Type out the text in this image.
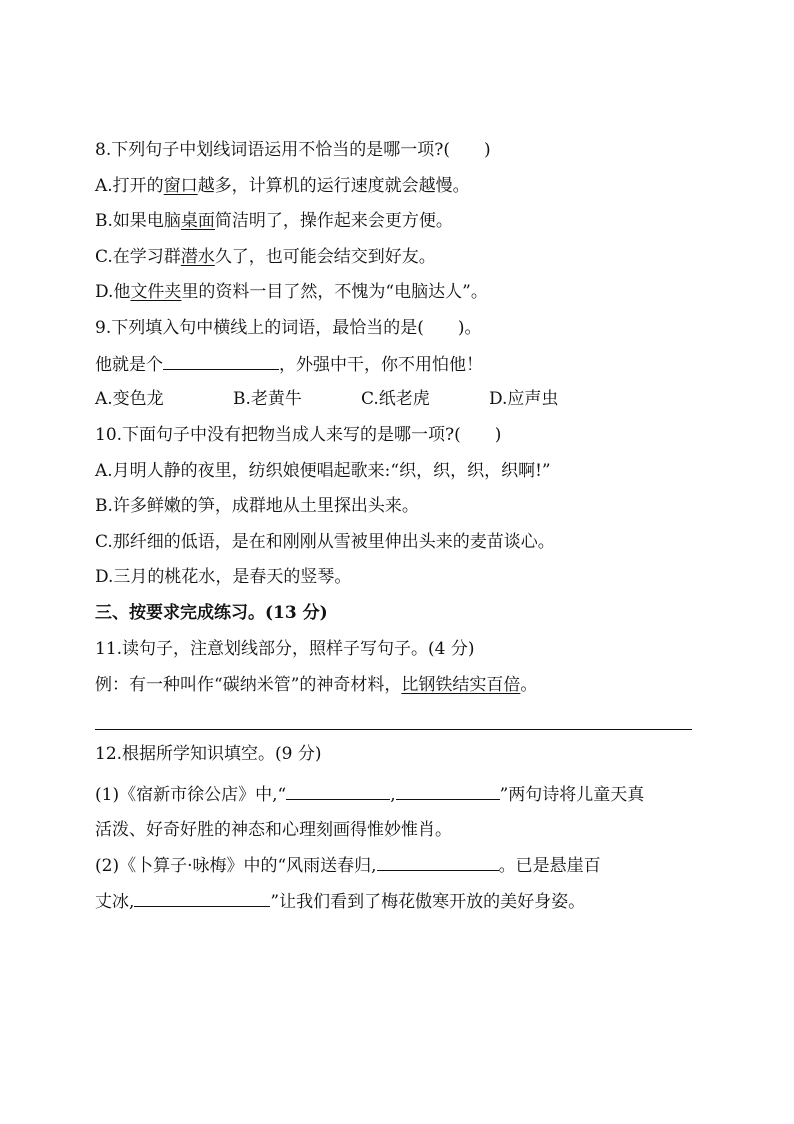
8.下列句子中划线词语运用不恰当的是哪一项?(　　)
A.打开的窗口越多，计算机的运行速度就会越慢。
B.如果电脑桌面简洁明了，操作起来会更方便。
C.在学习群潜水久了，也可能会结交到好友。
D.他文件夹里的资料一目了然，不愧为“电脑达人”。
9.下列填入句中横线上的词语，最恰当的是(　　)。
他就是个	，外强中干，你不用怕他！
A.变色龙	B.老黄牛	C.纸老虎	D.应声虫
10.下面句子中没有把物当成人来写的是哪一项?(　　)
A.月明人静的夜里，纺织娘便唱起歌来:“织，织，织，织啊!”
B.许多鲜嫩的笋，成群地从土里探出头来。
C.那纤细的低语，是在和刚刚从雪被里伸出头来的麦苗谈心。
D.三月的桃花水，是春天的竖琴。
三、按要求完成练习。(13 分)
11.读句子，注意划线部分，照样子写句子。(4 分)
例：有一种叫作“碳纳米管”的神奇材料，比钢铁结实百倍。
12.根据所学知识填空。(9 分)
(1)《宿新市徐公店》中,“	,	”两句诗将儿童天真
活泼、好奇好胜的神态和心理刻画得惟妙惟肖。
(2)《卜算子·咏梅》中的“风雨送春归,	。已是悬崖百
丈冰,	”让我们看到了梅花傲寒开放的美好身姿。
